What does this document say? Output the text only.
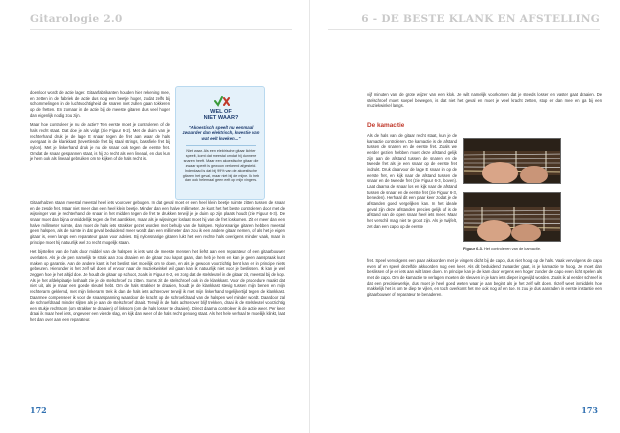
Gitarologie 2.0

doenloor wordt de actie lager. Gitaarfabrikanten houden hier rekening mee, en zetten in de fabriek de actie dus nog een beetje hoger, zodat zelfs bij schommelingen in de luchtvochtigheid de snaren niet zullen gaan tokkeren op de fretten. En zomaar in de actie bij de meeste gitaren dus veel hoger dan eigenlijk nodig zou zijn.

Maar hoe controleer je nu de actie? Ten eerste moet je controleren of de hals recht staat. Dat doe je als volgt (zie Figuur 6-2). Met de duim van je rechterhand druk je de lage E snaar tegen de fret aan waar de hals overgaat in de klankkast (tevertlende fret bij staal strings, bassfiele fret bij nylon). Met je linkerhand druk je nu de snaar ook tegen de eerste fret. Omdat de snaar gespannen staat, is hij zo recht als een lineaal, en dus kun je hem ook als lineaal gebruiken om te kijken of de hals recht is.

Gitaarhalzen staan meestal meestal heel iets voorover gebogen. In dat geval moet er een heel klein beetje ruimte zitten tussen de snaar en de zesde fret. Maar niet meer dan een heel klein beetje. Minder dan een halve millimeter. Je kunt het het beste controleren door met de wijsvinger van je rechterhand de snaar in het midden tegen de fret te drukken terwijl je je duim op zijn plaats houdt (zie Figuur 6-3). De snaar moet dan bijna onmiddellijk tegen de fret aantikken, maar als je wijsvinger loslaat moet hij van de fret loskomen. Zit er meer dan een halve millimeter ruimte, dan moet de hals iets strakker gezet worden met behulp van de halspen. Nylonsnarige gitaren hebben meestal geen halspen, als de ruimte in dat geval beduidend meer wordt dan een millimeter dan zou ik een andere gitaar nemen, of als het je eigen gitaar is, even langs een reparateur gaan voor advies. Bij nylonsnarige gitaren lukt het een rechte hals overigens minder vaak, maar in principe moet hij natuurlijk wel zo recht mogelijk staan.

Het bijstellen van de hals door middel van de halspen is iets wat de meeste mensen het liefst aan een reparateur of een gitaarbouwer overlaten. Als je de pen namelijk te strak aan zou draaien en de gitaar zou kapot gaan, dan heb je hem en kan je geen aanspraak kunt maken op garantie. Aan de andere kant is het beslist niet moeilijk om te doen, en als je gewoon voorzichtig bent kan er in principe niets gebeuren. Hieronder is het zelf wil doen of ervoor naar de muziekwinkel wil gaan kan ik natuurlijk niet voor je beslissen. Ik kan je wel zeggen hoe je het altijd doe. Je houdt de gitaar op schoot, zoals in Figuur 6-2, en zorg dat de stelsleutel in de gitaar zit, meestal bij de kop. Als je het afdekplaatje loshaalt zie je de stelschroef zo zitten. Soms zit de stelschroef ook in de klankkast. Voor de procedure maakt dat niet uit, als je maar een goede sleutel hebt. Om de hals strakker te draaien, houdt je de klankkast stevig tussen mijn benen en mijn rechterarm geklemd, met mijn linkerarm trek ik dan de hals iets achterover terwijl ik met mijn linkerhand tegelijkertijd tegen de klankkast. Daarmee compenseer ik voor de snaarspanning waardoor de kracht op de schroefdraad van de halspen wel minder wordt. Daardoor zal de schroefdraad minder slijten als je aan de stelschroef draait. Terwijl ik de hals achterover blijf trekken, draai ik de stelsleutel voorzichtig een stukje rechtsom (om strakker te draaien) of linksom (om de hals losser te draaien). Direct daarna controleer ik de actie weer. Per keer draai ik maar heel iets, ongeveer een vierde slag, en kijk dan weer of de hals recht genoeg staat. Als het hele verhaal te moeilijk klinkt, laat het dan over aan een reparateur.

WEL OF
NIET WAAR?
"Akoestisch speelt nu eenmaal zwaarder dan elektrisch, kwestie van wat eelt kweken..."
Niet waar. Als een elektrische gitaar lichter speelt, komt dat meestal omdat hij dunnere snaren heeft. Maar een akoestische gitaar die zwaar speelt is gewoon verkeerd afgesteld. Inderdaad is dat bij 99% van de akoestische gitaren het geval, maar niet bij de mijne. Ik heb dan ook helemaal geen eelt op mijn vingers.
172
6 - DE BESTE KLANK EN AFSTELLING
vijf minuten van de grote wijzer van een klok. Je wilt namelijk voorkomen dat je steeds losser en vaster gaat draaien. De stelschroef moet soepel bewegen, is dat niet het geval en moet je veel kracht zetten, stop er dan mee en ga bij een muziekwinkel langs.
De kamactie
Als de hals van de gitaar recht staat, kun je de kamactie controleren. De kamactie is de afstand tussen de snaren en de eerste fret. Zoals we eerder gezien hebben moet deze afstand gelijk zijn aan de afstand tussen de snaren en de tweede fret als je een snaar op de eerste fret indrukt. Druk daarvoor de lage E snaar in op de eerste fret, en kijk naar de afstand tussen de snaar en de tweede fret (zie Figuur 6-3, boven). Laat daarna de snaar los en kijk naar de afstand tussen de snaar en de eerste fret (zie Figuur 6-3, beneden). Herhaal dit een paar keer zodat je de afstanden goed vergelijken kan. In het ideale geval zijn deze afstanden precies gelijk of is de afstand van de open snaar heel iets meer. Maar het verschil mag niet te groot zijn. Als je twijfelt, zet dan een capo op de eerste
Figuur 6-3. Het controleren van de kamactie.
fret. Speel vervolgens een paar akkoorden met je vingers dicht bij de capo, dus niet hoog op de hals. Vaak vervolgens de capo even af en speel dezelfde akkoorden nog een keer. Als dit beduidend zwaarder gaat, is je kamactie te hoog. Je moet dan beslissen of je er iets aan wilt laten doen. In principe kan je de kam door ergens een hoger zonder de capo even licht spelen als met de capo. Om de kamactie te verlagen moeten de sleuven in je kam iets dieper ingevijld worden. Zoals ik al eerder schreef is dat een precisiewerkje, dus moet je heel goed weten waar je aan begint als je het zelf wilt doen. Ikzelf weet inmiddels hoe makkelijk het is om te diep te vijlen, en toch overkomt het me ook nog af en toe. Is zou je dus aanraden in eerste instantie een gitaarbouwer of reparateur te benaderen.
173
